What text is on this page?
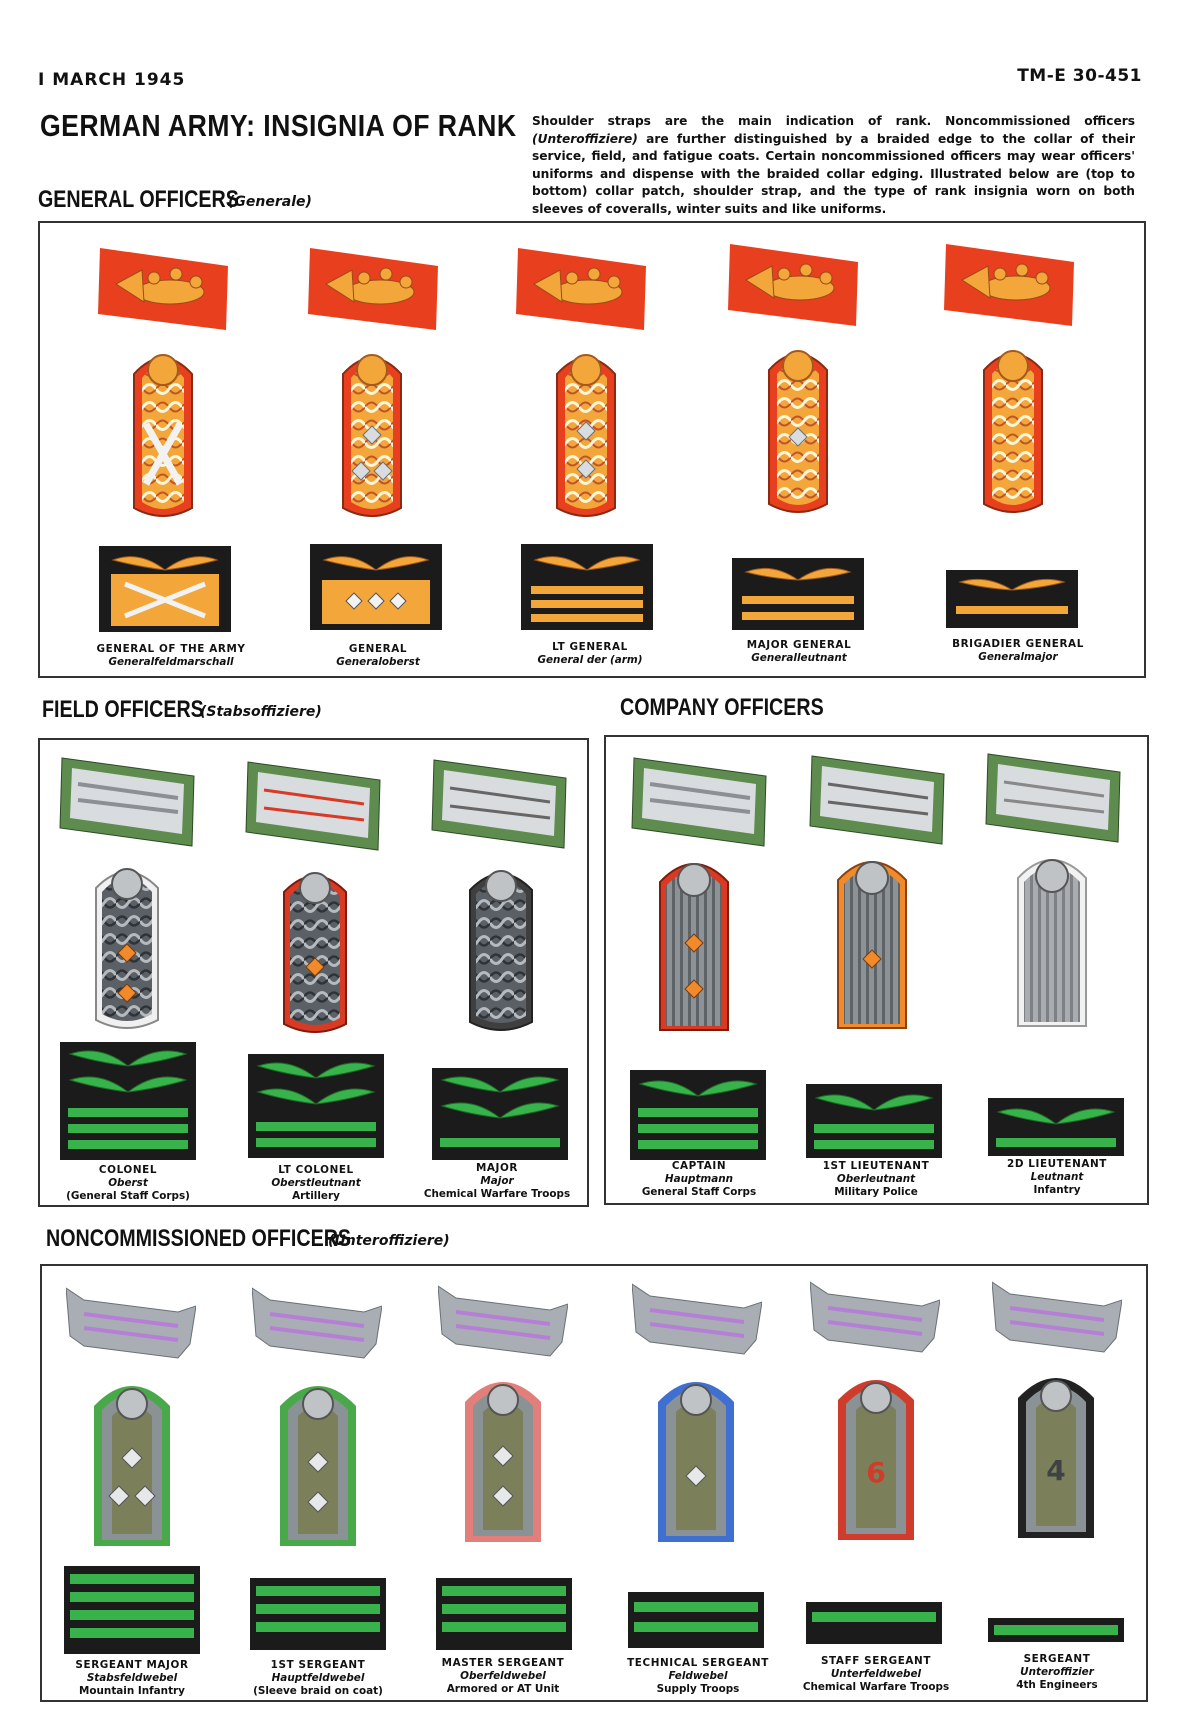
I MARCH 1945	TM-E 30-451
GERMAN ARMY: INSIGNIA OF RANK Shoulder straps are the main indication of rank. Noncommissioned officers (Unteroffiziere) are further distinguished by a braided edge to the collar of their service, field, and fatigue coats. Certain noncommissioned officers may wear officers' uniforms and dispense with the braided collar edging. Illustrated below are (top to bottom) collar patch, shoulder strap, and the type of rank insignia worn on both sleeves of coveralls, winter suits and like uniforms.
GENERAL OFFICERS
(Generale)
FIELD OFFICERS
(Stabsoffiziere)	COMPANY OFFICERS
NONCOMMISSIONED OFFICERS
(Unteroffiziere)
GENERAL OF THE ARMY
Generalfeldmarschall
GENERAL
Generaloberst
LT GENERAL
General der (arm)
MAJOR GENERAL
Generalleutnant
BRIGADIER GENERAL
Generalmajor
COLONEL
Oberst
(General Staff Corps)
LT COLONEL
Oberstleutnant
Artillery
MAJOR
Major
Chemical Warfare Troops
CAPTAIN
Hauptmann
General Staff Corps
1ST LIEUTENANT
Oberleutnant
Military Police
2D LIEUTENANT
Leutnant
Infantry
6	4
SERGEANT MAJOR
Stabsfeldwebel
Mountain Infantry
1ST SERGEANT
Hauptfeldwebel
(Sleeve braid on coat)
MASTER SERGEANT
Oberfeldwebel
Armored or AT Unit
TECHNICAL SERGEANT
Feldwebel
Supply Troops
STAFF SERGEANT
Unterfeldwebel
Chemical Warfare Troops
SERGEANT
Unteroffizier
4th Engineers
